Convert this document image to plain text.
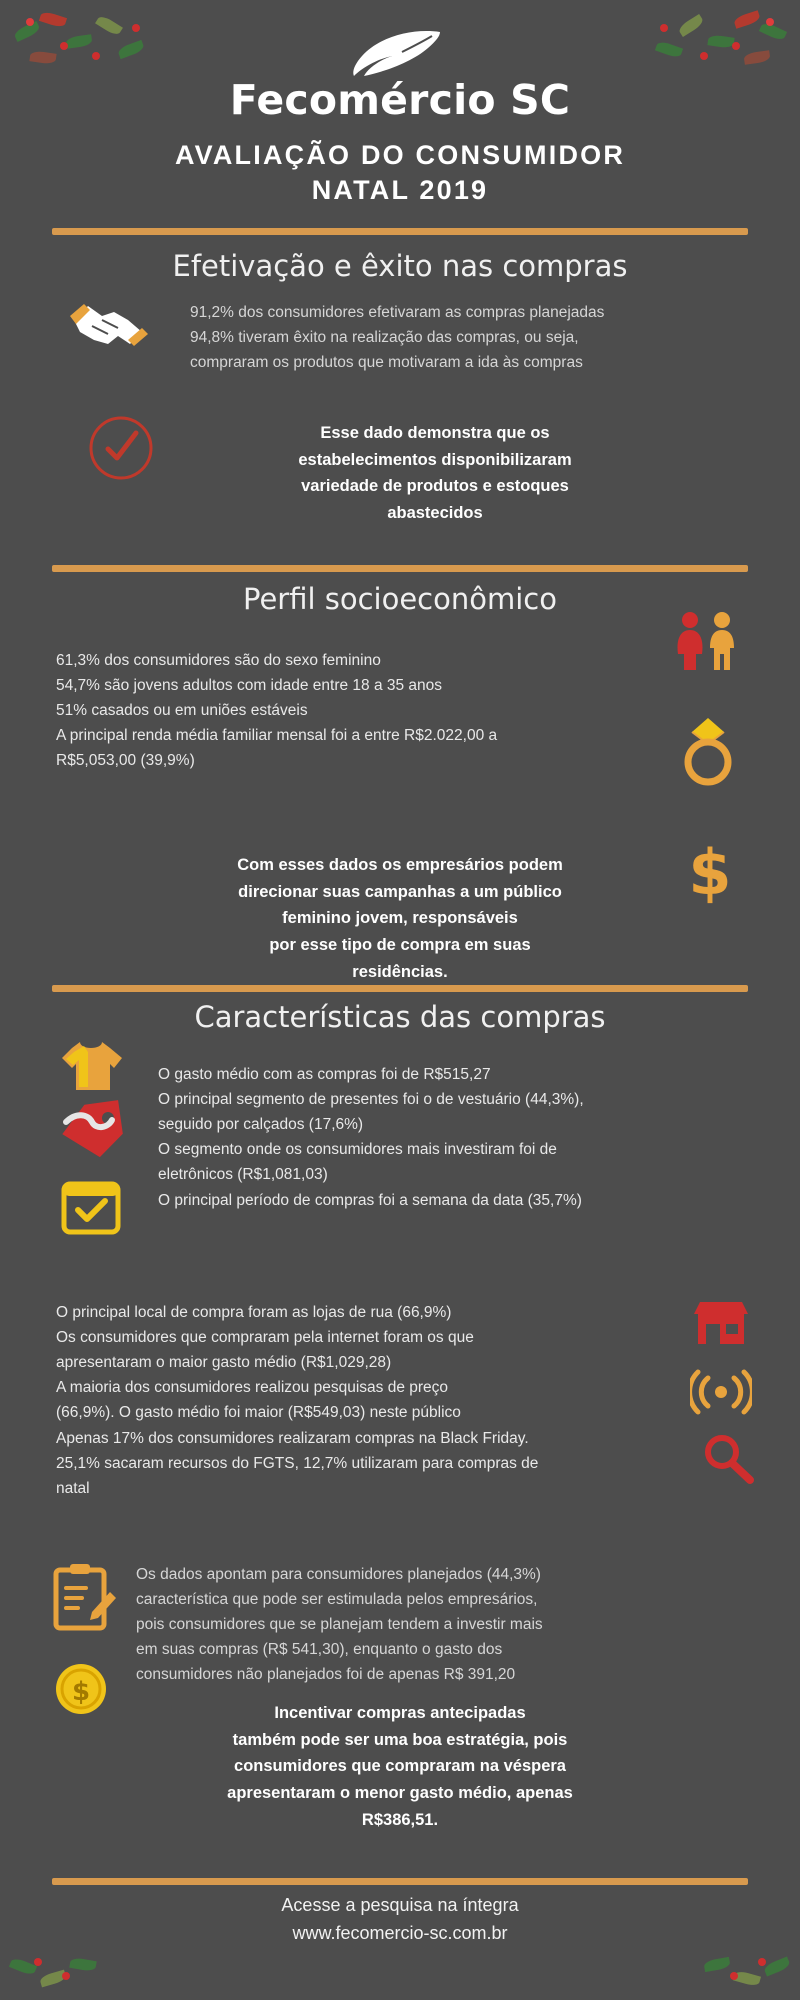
Fecomércio SC
AVALIAÇÃO DO CONSUMIDOR
NATAL 2019
Efetivação e êxito nas compras
91,2% dos consumidores efetivaram as compras planejadas
94,8% tiveram êxito na realização das compras, ou seja,
compraram os produtos que motivaram a ida às compras
Esse dado demonstra que os
estabelecimentos disponibilizaram
variedade de produtos e estoques
abastecidos
Perfil socioeconômico
61,3% dos consumidores são do sexo feminino
54,7% são jovens adultos com idade entre 18 a 35 anos
51% casados ou em uniões estáveis
A principal renda média familiar mensal foi a entre R$2.022,00 a
R$5,053,00 (39,9%)
$
Com esses dados os empresários podem
direcionar suas campanhas a um público
feminino jovem, responsáveis
por esse tipo de compra em suas
residências.
Características das compras
O gasto médio com as compras foi de R$515,27
O principal segmento de presentes foi o de vestuário (44,3%),
seguido por calçados (17,6%)
O segmento onde os consumidores mais investiram foi de
eletrônicos (R$1,081,03)
O principal período de compras foi a semana da data (35,7%)
O principal local de compra foram as lojas de rua (66,9%)
Os consumidores que compraram pela internet foram os que
apresentaram o maior gasto médio (R$1,029,28)
A maioria dos consumidores realizou pesquisas de preço
(66,9%). O gasto médio foi maior (R$549,03) neste público
Apenas 17% dos consumidores realizaram compras na Black Friday.
25,1% sacaram recursos do FGTS, 12,7% utilizaram para compras de
natal
$
Os dados apontam para consumidores planejados (44,3%)
característica que pode ser estimulada pelos empresários,
pois consumidores que se planejam tendem a investir mais
em suas compras (R$ 541,30), enquanto o gasto dos
consumidores não planejados foi de apenas R$ 391,20
Incentivar compras antecipadas
também pode ser uma boa estratégia, pois
consumidores que compraram na véspera
apresentaram o menor gasto médio, apenas
R$386,51.
Acesse a pesquisa na íntegra
www.fecomercio-sc.com.br
